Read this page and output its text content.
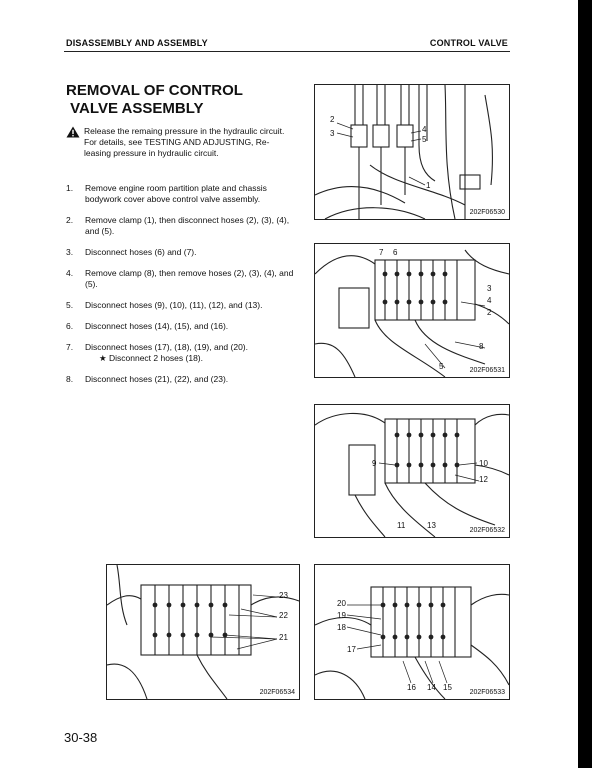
DISASSEMBLY AND ASSEMBLY	CONTROL VALVE
REMOVAL OF CONTROL
VALVE ASSEMBLY

Release the remaing pressure in the hydraulic circuit.

For details, see TESTING AND ADJUSTING, Re-leasing pressure in hydraulic circuit.

1. Remove engine room partition plate and chassis bodywork cover above control valve assembly.
2. Remove clamp (1), then disconnect hoses (2), (3), (4), and (5).
3. Disconnect hoses (6) and (7).
4. Remove clamp (8), then remove hoses (2), (3), (4), and (5).
5. Disconnect hoses (9), (10), (11), (12), and (13).
6. Disconnect hoses (14), (15), and (16).
7. Disconnect hoses (17), (18), (19), and (20).
★ Disconnect 2 hoses (18).
8. Disconnect hoses (21), (22), and (23).
2
3	4
5
1
202F06530
7 6
3
4
2
8
5	202F06531
9	10
12
11	13
202F06532
23
22
21
202F06534
20
19
18
17
16 14 15
202F06533
30-38
